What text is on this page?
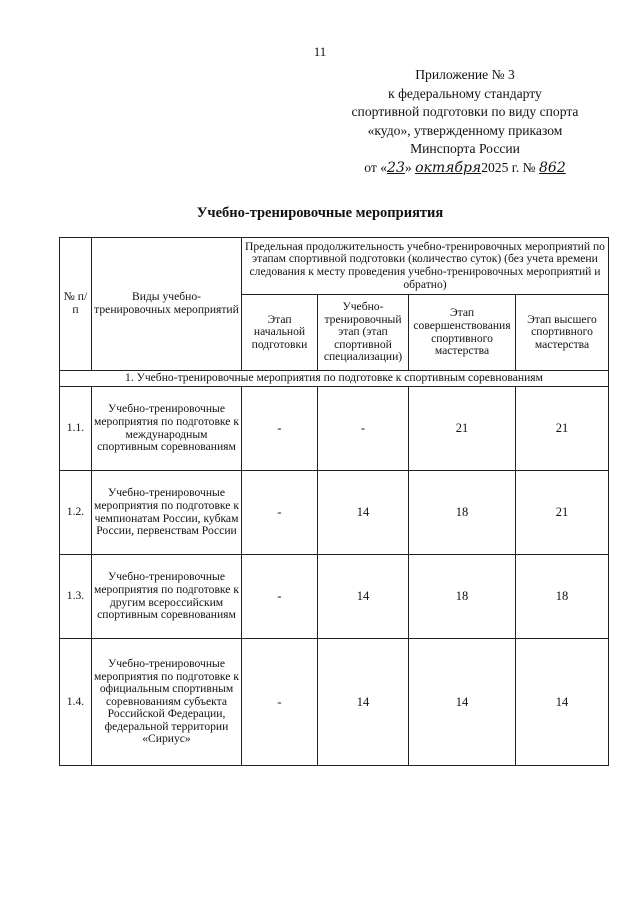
11
Приложение № 3
к федеральному стандарту
спортивной подготовки по виду спорта
«кудо», утвержденному приказом
Минспорта России
от «23» октября2025 г. № 862
Учебно-тренировочные мероприятия
№ п/п	Виды учебно-тренировочных мероприятий	Предельная продолжительность учебно-тренировочных мероприятий по этапам спортивной подготовки (количество суток) (без учета времени следования к месту проведения учебно-тренировочных мероприятий и обратно)			
		Этап начальной подготовки	Учебно-тренировочный этап (этап спортивной специализации)	Этап совершенствования спортивного мастерства	Этап высшего спортивного мастерства
1. Учебно-тренировочные мероприятия по подготовке к спортивным соревнованиям					
1.1.	Учебно-тренировочные мероприятия по подготовке к международным спортивным соревнованиям	-	-	21	21
1.2.	Учебно-тренировочные мероприятия по подготовке к чемпионатам России, кубкам России, первенствам России	-	14	18	21
1.3.	Учебно-тренировочные мероприятия по подготовке к другим всероссийским спортивным соревнованиям	-	14	18	18
1.4.	Учебно-тренировочные мероприятия по подготовке к официальным спортивным соревнованиям субъекта Российской Федерации, федеральной территории «Сириус»	-	14	14	14
